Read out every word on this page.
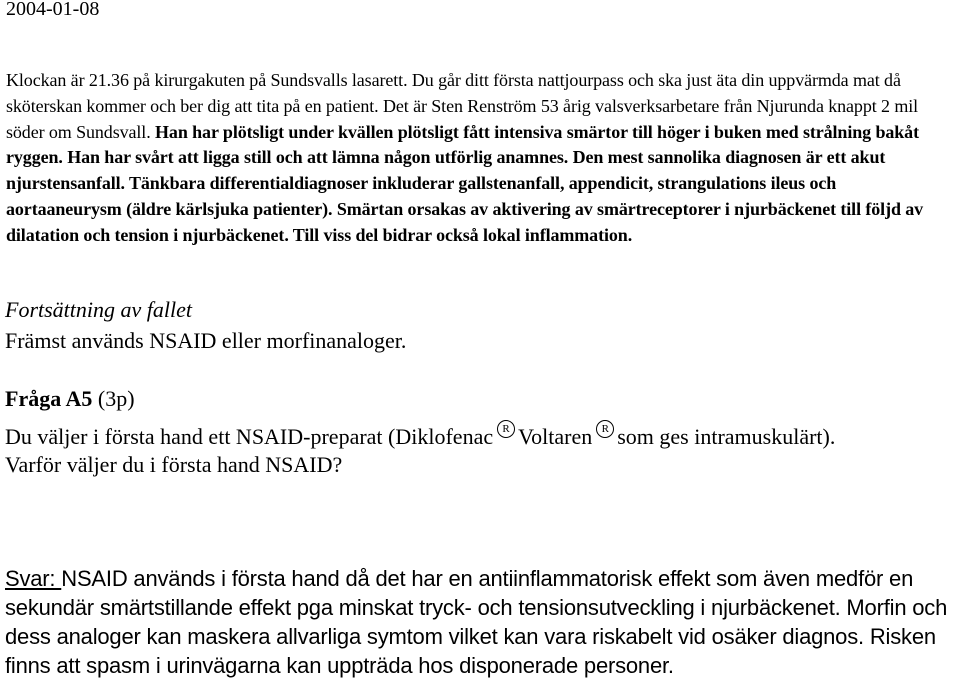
2004-01-08

Klockan är 21.36 på kirurgakuten på Sundsvalls lasarett. Du går ditt första nattjourpass och ska just äta din uppvärmda mat då sköterskan kommer och ber dig att tita på en patient. Det är Sten Renström 53 årig valsverksarbetare från Njurunda knappt 2 mil söder om Sundsvall. Han har plötsligt under kvällen plötsligt fått intensiva smärtor till höger i buken med strålning bakåt ryggen. Han har svårt att ligga still och att lämna någon utförlig anamnes. Den mest sannolika diagnosen är ett akut njurstensanfall. Tänkbara differentialdiagnoser inkluderar gallstenanfall, appendicit, strangulations ileus och aortaaneurysm (äldre kärlsjuka patienter). Smärtan orsakas av aktivering av smärtreceptorer i njurbäckenet till följd av dilatation och tension i njurbäckenet. Till viss del bidrar också lokal inflammation.

Fortsättning av fallet

Främst används NSAID eller morfinanaloger.

Fråga A5 (3p)

Du väljer i första hand ett NSAID-preparat (Diklofenac R Voltaren R som ges intramuskulärt).

Varför väljer du i första hand NSAID?

Svar: NSAID används i första hand då det har en antiinflammatorisk effekt som även medför en sekundär smärtstillande effekt pga minskat tryck- och tensionsutveckling i njurbäckenet. Morfin och dess analoger kan maskera allvarliga symtom vilket kan vara riskabelt vid osäker diagnos. Risken finns att spasm i urinvägarna kan uppträda hos disponerade personer.
